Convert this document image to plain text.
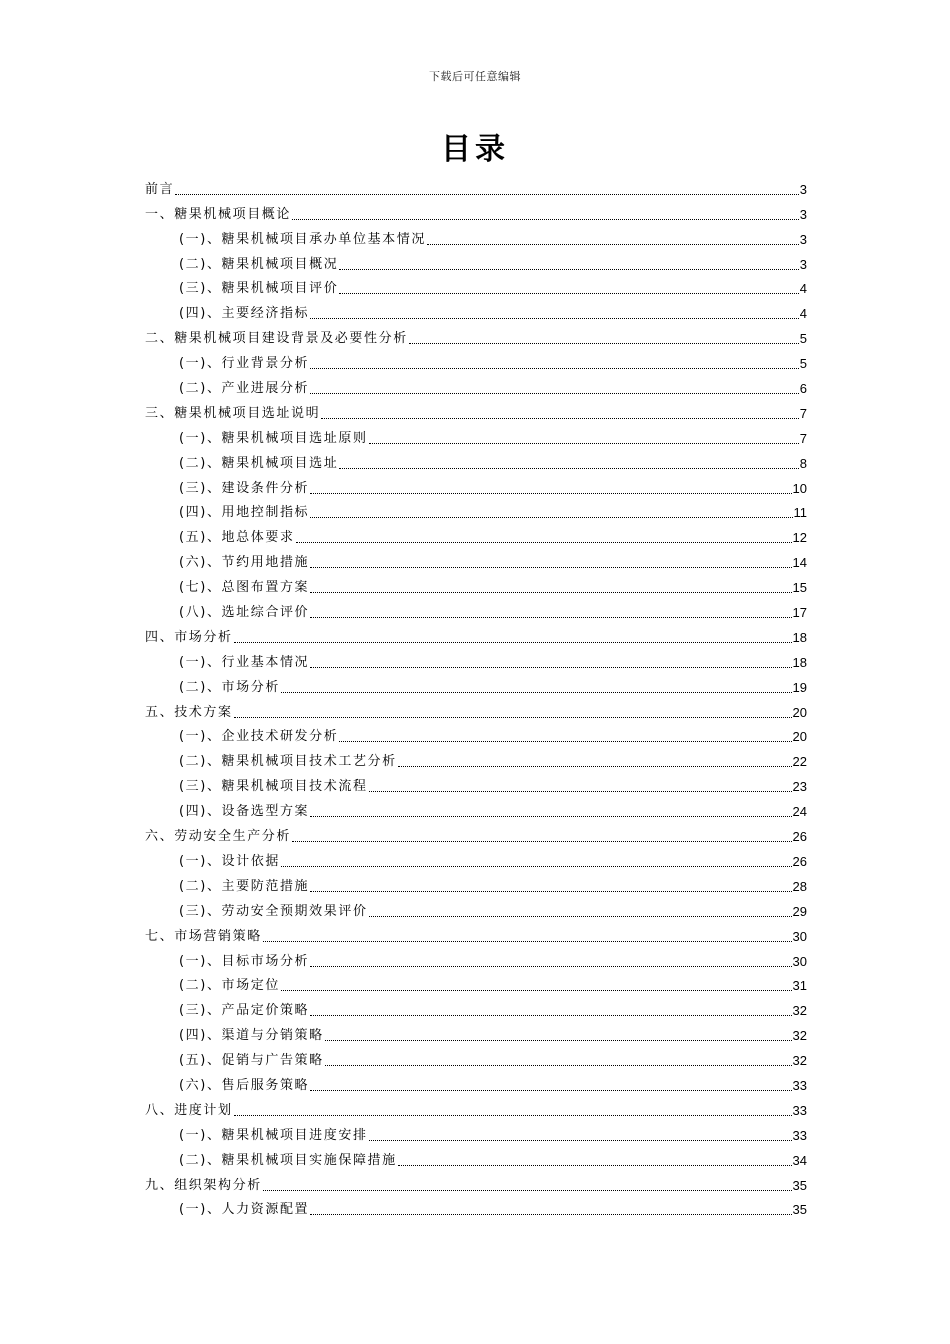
下载后可任意编辑
目录
前言	3
一、糖果机械项目概论	3
(一)、糖果机械项目承办单位基本情况	3
(二)、糖果机械项目概况	3
(三)、糖果机械项目评价	4
(四)、主要经济指标	4
二、糖果机械项目建设背景及必要性分析	5
(一)、行业背景分析	5
(二)、产业进展分析	6
三、糖果机械项目选址说明	7
(一)、糖果机械项目选址原则	7
(二)、糖果机械项目选址	8
(三)、建设条件分析	10
(四)、用地控制指标	11
(五)、地总体要求	12
(六)、节约用地措施	14
(七)、总图布置方案	15
(八)、选址综合评价	17
四、市场分析	18
(一)、行业基本情况	18
(二)、市场分析	19
五、技术方案	20
(一)、企业技术研发分析	20
(二)、糖果机械项目技术工艺分析	22
(三)、糖果机械项目技术流程	23
(四)、设备选型方案	24
六、劳动安全生产分析	26
(一)、设计依据	26
(二)、主要防范措施	28
(三)、劳动安全预期效果评价	29
七、市场营销策略	30
(一)、目标市场分析	30
(二)、市场定位	31
(三)、产品定价策略	32
(四)、渠道与分销策略	32
(五)、促销与广告策略	32
(六)、售后服务策略	33
八、进度计划	33
(一)、糖果机械项目进度安排	33
(二)、糖果机械项目实施保障措施	34
九、组织架构分析	35
(一)、人力资源配置	35
